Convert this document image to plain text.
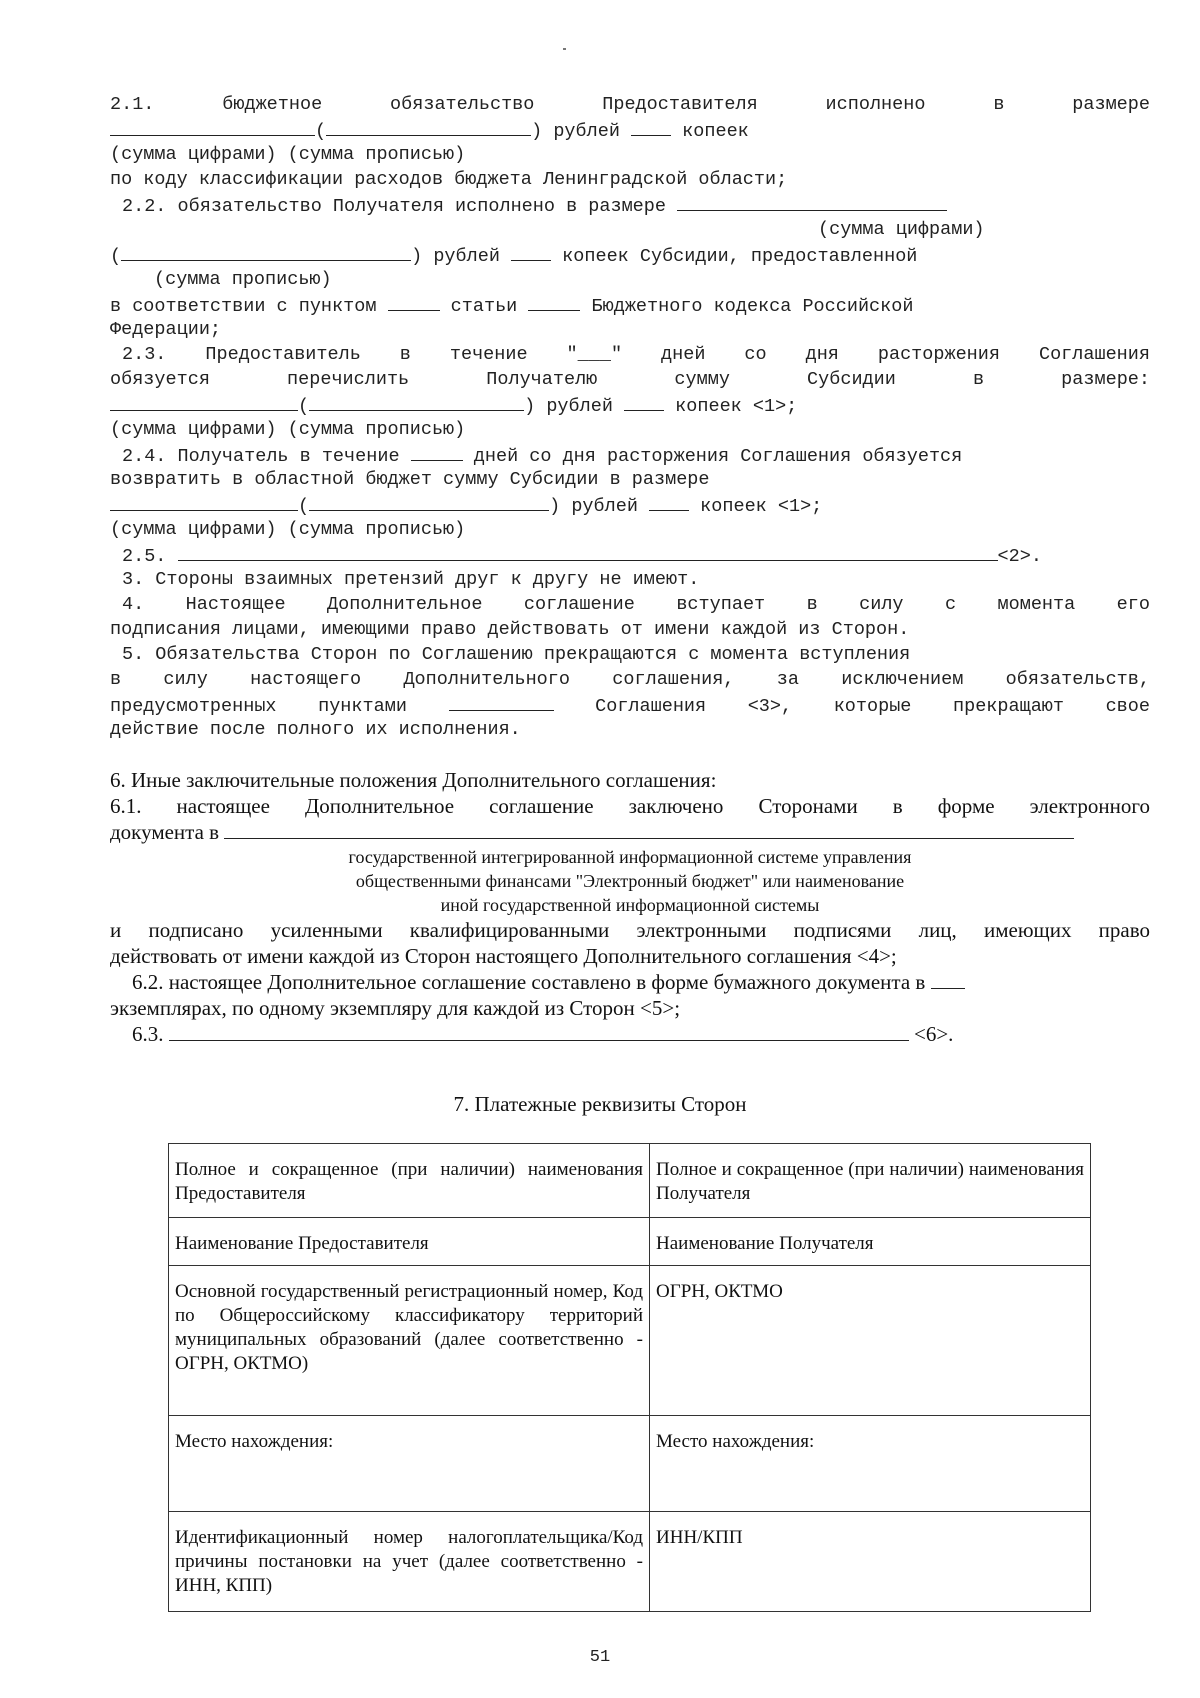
2.1. бюджетное обязательство Предоставителя исполнено в размере
(	) рублей	копеек
(сумма цифрами) (сумма прописью)
по коду классификации расходов бюджета Ленинградской области;
2.2. обязательство Получателя исполнено в размере
(сумма цифрами)
(	) рублей	копеек Субсидии, предоставленной
(сумма прописью)
в соответствии с пунктом	статьи	Бюджетного кодекса Российской
Федерации;
2.3. Предоставитель в течение "___" дней со дня расторжения Соглашения
обязуется перечислить Получателю сумму Субсидии в размере:
(	) рублей	копеек <1>;
(сумма цифрами) (сумма прописью)
2.4. Получатель в течение	дней со дня расторжения Соглашения обязуется
возвратить в областной бюджет сумму Субсидии в размере
(	) рублей	копеек <1>;
(сумма цифрами) (сумма прописью)
2.5.	<2>.
3. Стороны взаимных претензий друг к другу не имеют.
4. Настоящее Дополнительное соглашение вступает в силу с момента его
подписания лицами, имеющими право действовать от имени каждой из Сторон.
5. Обязательства Сторон по Соглашению прекращаются с момента вступления
в силу настоящего Дополнительного соглашения, за исключением обязательств,
предусмотренных пунктами	Соглашения <3>, которые прекращают свое
действие после полного их исполнения.
6. Иные заключительные положения Дополнительного соглашения:
6.1. настоящее Дополнительное соглашение заключено Сторонами в форме электронного
документа в
государственной интегрированной информационной системе управления
общественными финансами "Электронный бюджет" или наименование
иной государственной информационной системы
и подписано усиленными квалифицированными электронными подписями лиц, имеющих право
действовать от имени каждой из Сторон настоящего Дополнительного соглашения <4>;
6.2. настоящее Дополнительное соглашение составлено в форме бумажного документа в
экземплярах, по одному экземпляру для каждой из Сторон <5>;
6.3.	<6>.
7. Платежные реквизиты Сторон
Полное и сокращенное (при наличии) наименования Предоставителя	Полное и сокращенное (при наличии) наименования Получателя
Наименование Предоставителя	Наименование Получателя
Основной государственный регистрационный номер, Код по Общероссийскому классификатору территорий муниципальных образований (далее соответственно - ОГРН, ОКТМО)	ОГРН, ОКТМО
Место нахождения:	Место нахождения:
Идентификационный номер налогоплательщика/Код причины постановки на учет (далее соответственно - ИНН, КПП)	ИНН/КПП
51
